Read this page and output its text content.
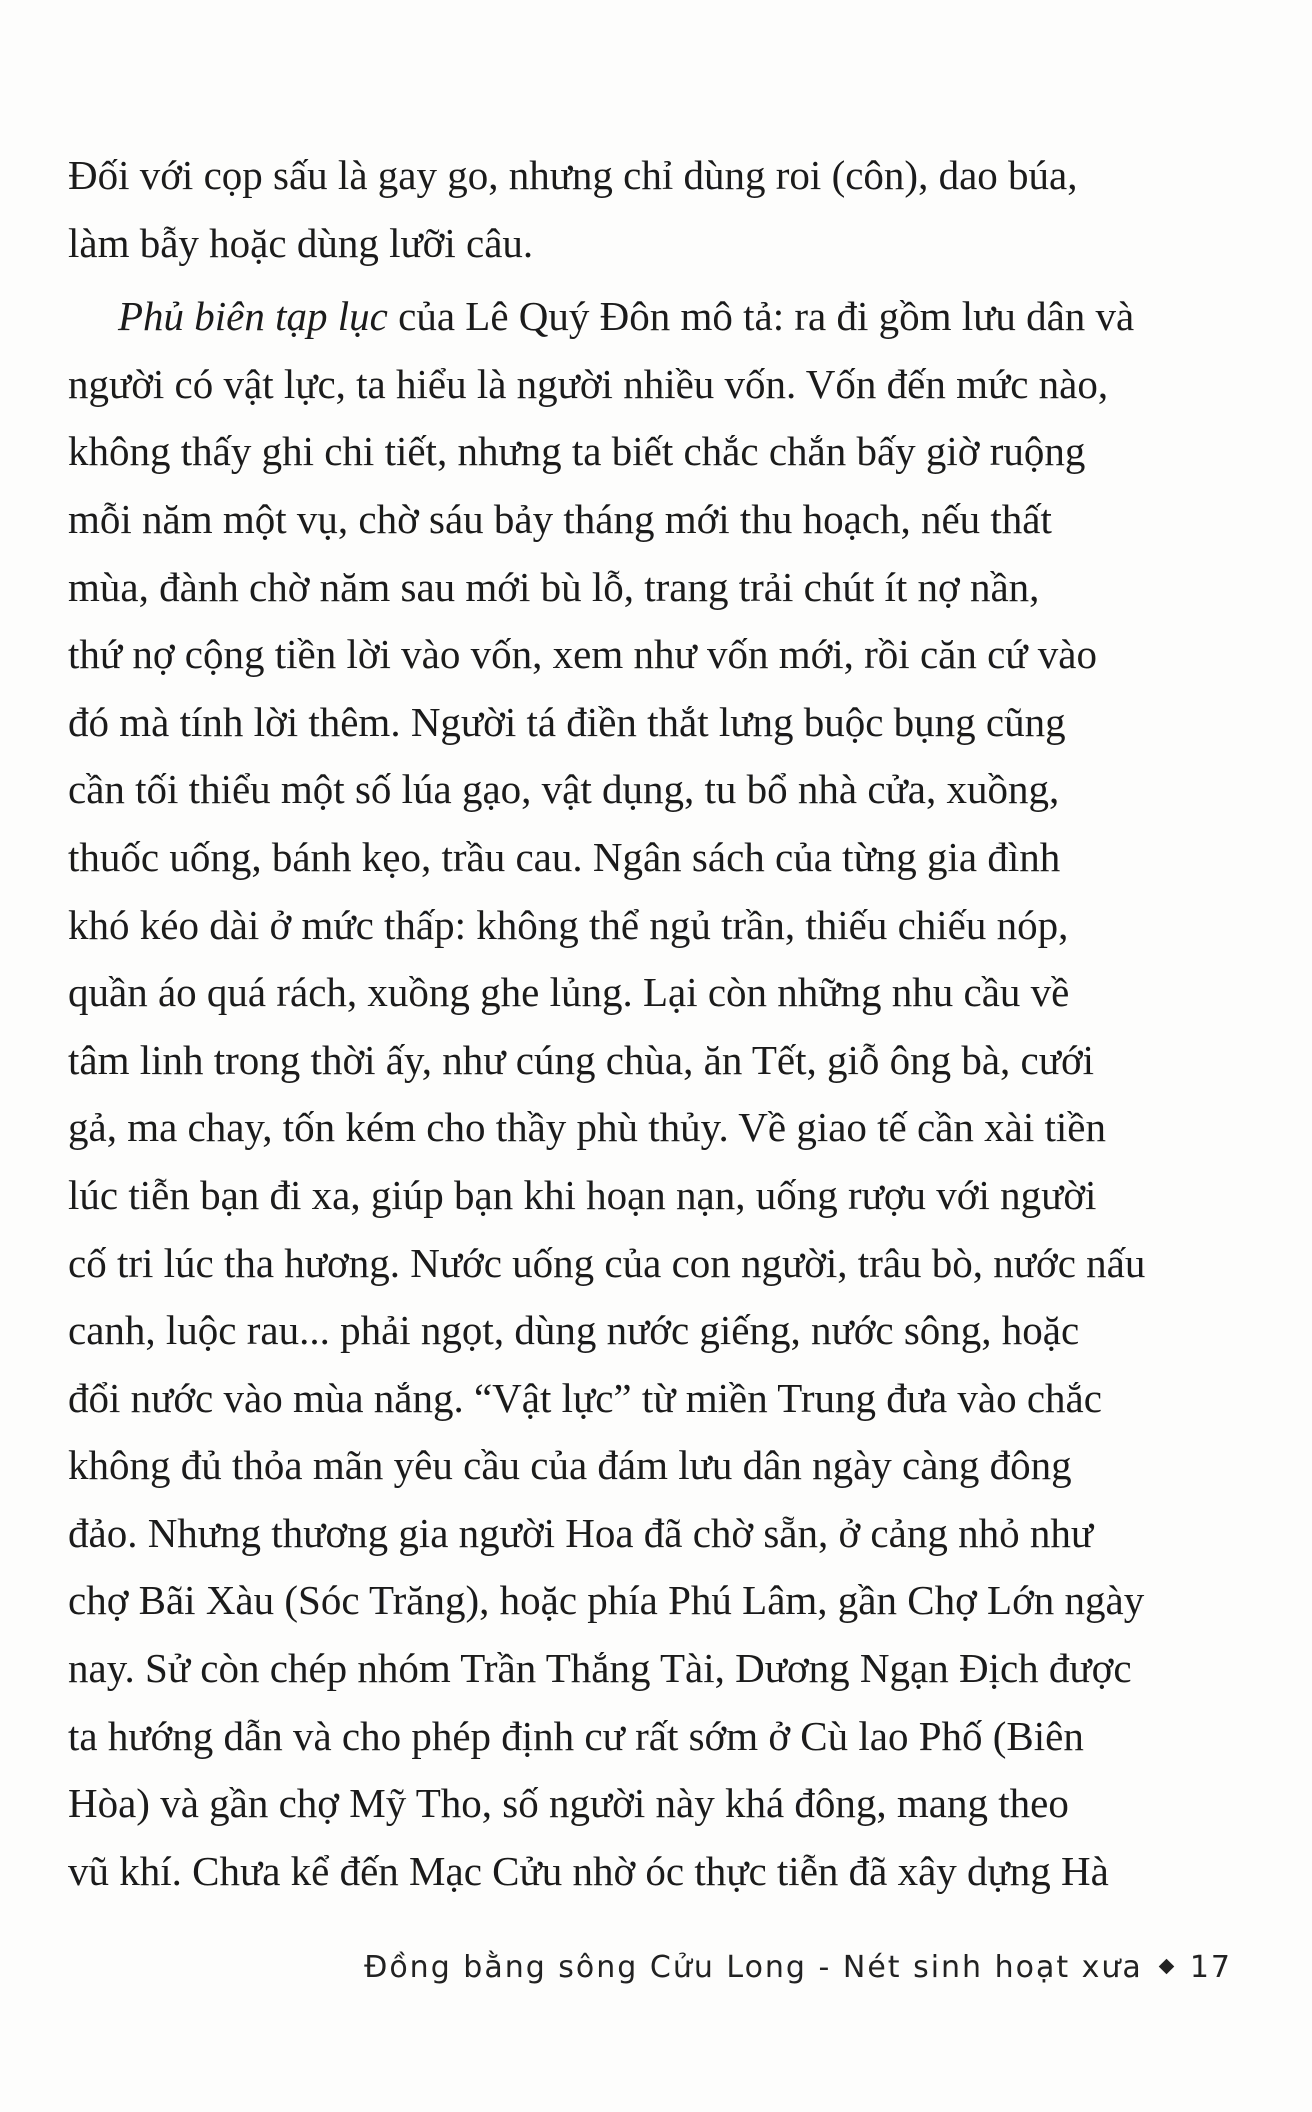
Đối với cọp sấu là gay go, nhưng chỉ dùng roi (côn), dao búa,
làm bẫy hoặc dùng lưỡi câu.
Phủ biên tạp lục của Lê Quý Đôn mô tả: ra đi gồm lưu dân và
người có vật lực, ta hiểu là người nhiều vốn. Vốn đến mức nào,
không thấy ghi chi tiết, nhưng ta biết chắc chắn bấy giờ ruộng
mỗi năm một vụ, chờ sáu bảy tháng mới thu hoạch, nếu thất
mùa, đành chờ năm sau mới bù lỗ, trang trải chút ít nợ nần,
thứ nợ cộng tiền lời vào vốn, xem như vốn mới, rồi căn cứ vào
đó mà tính lời thêm. Người tá điền thắt lưng buộc bụng cũng
cần tối thiểu một số lúa gạo, vật dụng, tu bổ nhà cửa, xuồng,
thuốc uống, bánh kẹo, trầu cau. Ngân sách của từng gia đình
khó kéo dài ở mức thấp: không thể ngủ trần, thiếu chiếu nóp,
quần áo quá rách, xuồng ghe lủng. Lại còn những nhu cầu về
tâm linh trong thời ấy, như cúng chùa, ăn Tết, giỗ ông bà, cưới
gả, ma chay, tốn kém cho thầy phù thủy. Về giao tế cần xài tiền
lúc tiễn bạn đi xa, giúp bạn khi hoạn nạn, uống rượu với người
cố tri lúc tha hương. Nước uống của con người, trâu bò, nước nấu
canh, luộc rau... phải ngọt, dùng nước giếng, nước sông, hoặc
đổi nước vào mùa nắng. “Vật lực” từ miền Trung đưa vào chắc
không đủ thỏa mãn yêu cầu của đám lưu dân ngày càng đông
đảo. Nhưng thương gia người Hoa đã chờ sẵn, ở cảng nhỏ như
chợ Bãi Xàu (Sóc Trăng), hoặc phía Phú Lâm, gần Chợ Lớn ngày
nay. Sử còn chép nhóm Trần Thắng Tài, Dương Ngạn Địch được
ta hướng dẫn và cho phép định cư rất sớm ở Cù lao Phố (Biên
Hòa) và gần chợ Mỹ Tho, số người này khá đông, mang theo
vũ khí. Chưa kể đến Mạc Cửu nhờ óc thực tiễn đã xây dựng Hà
Đồng bằng sông Cửu Long - Nét sinh hoạt xưa 17
